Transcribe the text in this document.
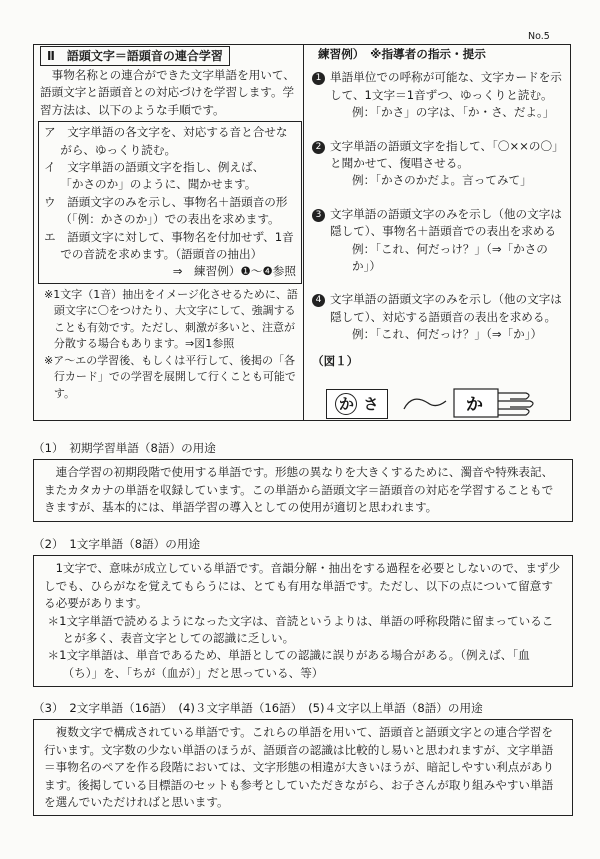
No.5
Ⅱ　語頭文字＝語頭音の連合学習
事物名称との連合ができた文字単語を用いて、語頭文字と語頭音との対応づけを学習します。学習方法は、以下のような手順です。
ア　文字単語の各文字を、対応する音と合せながら、ゆっくり読む。
イ　文字単語の語頭文字を指し、例えば、
「かさのか」のように、聞かせます。
ウ　語頭文字のみを示し、事物名＋語頭音の形（「例：かさのか」）での表出を求めます。
エ　語頭文字に対して、事物名を付加せず、1音での音読を求めます。（語頭音の抽出）
⇒　練習例）❶〜❹参照
※1文字（1音）抽出をイメージ化させるために、語頭文字に〇をつけたり、大文字にして、強調することも有効です。ただし、刺激が多いと、注意が分散する場合もあります。⇒図1参照
※ア〜エの学習後、もしくは平行して、後掲の「各行カード」での学習を展開して行くことも可能です。
練習例）　※指導者の指示・提示
1 単語単位での呼称が可能な、文字カードを示して、1文字＝1音ずつ、ゆっくりと読む。
例：「かさ」の字は、「か・さ、だよ。」
2 文字単語の語頭文字を指して、「〇××の〇」と聞かせて、復唱させる。
例：「かさのかだよ。言ってみて」
3 文字単語の語頭文字のみを示し（他の文字は隠して）、事物名＋語頭音での表出を求める
例：「これ、何だっけ？」（⇒「かさのか」）
4 文字単語の語頭文字のみを示し（他の文字は隠して）、対応する語頭音の表出を求める。
例：「これ、何だっけ？」（⇒「か」）
（図１）
か さ	か
（1）　初期学習単語（8語）の用途

連合学習の初期段階で使用する単語です。形態の異なりを大きくするために、濁音や特殊表記、またカタカナの単語を収録しています。この単語から語頭文字＝語頭音の対応を学習することもできますが、基本的には、単語学習の導入としての使用が適切と思われます。

（2）　1文字単語（8語）の用途

1文字で、意味が成立している単語です。音韻分解・抽出をする過程を必要としないので、まず少しでも、ひらがなを覚えてもらうには、とても有用な単語です。ただし、以下の点について留意する必要があります。

＊1文字単語で読めるようになった文字は、音読というよりは、単語の呼称段階に留まっていることが多く、表音文字としての認識に乏しい。
＊1文字単語は、単音であるため、単語としての認識に誤りがある場合がある。（例えば、「血（ち）」を、「ちが（血が）」だと思っている、等）
（3）　2文字単語（16語）　(4)３文字単語（16語）　(5)４文字以上単語（8語）の用途

複数文字で構成されている単語です。これらの単語を用いて、語頭音と語頭文字との連合学習を行います。文字数の少ない単語のほうが、語頭音の認識は比較的し易いと思われますが、文字単語＝事物名のペアを作る段階においては、文字形態の相違が大きいほうが、暗記しやすい利点があります。後掲している目標語のセットも参考としていただきながら、お子さんが取り組みやすい単語を選んでいただければと思います。
